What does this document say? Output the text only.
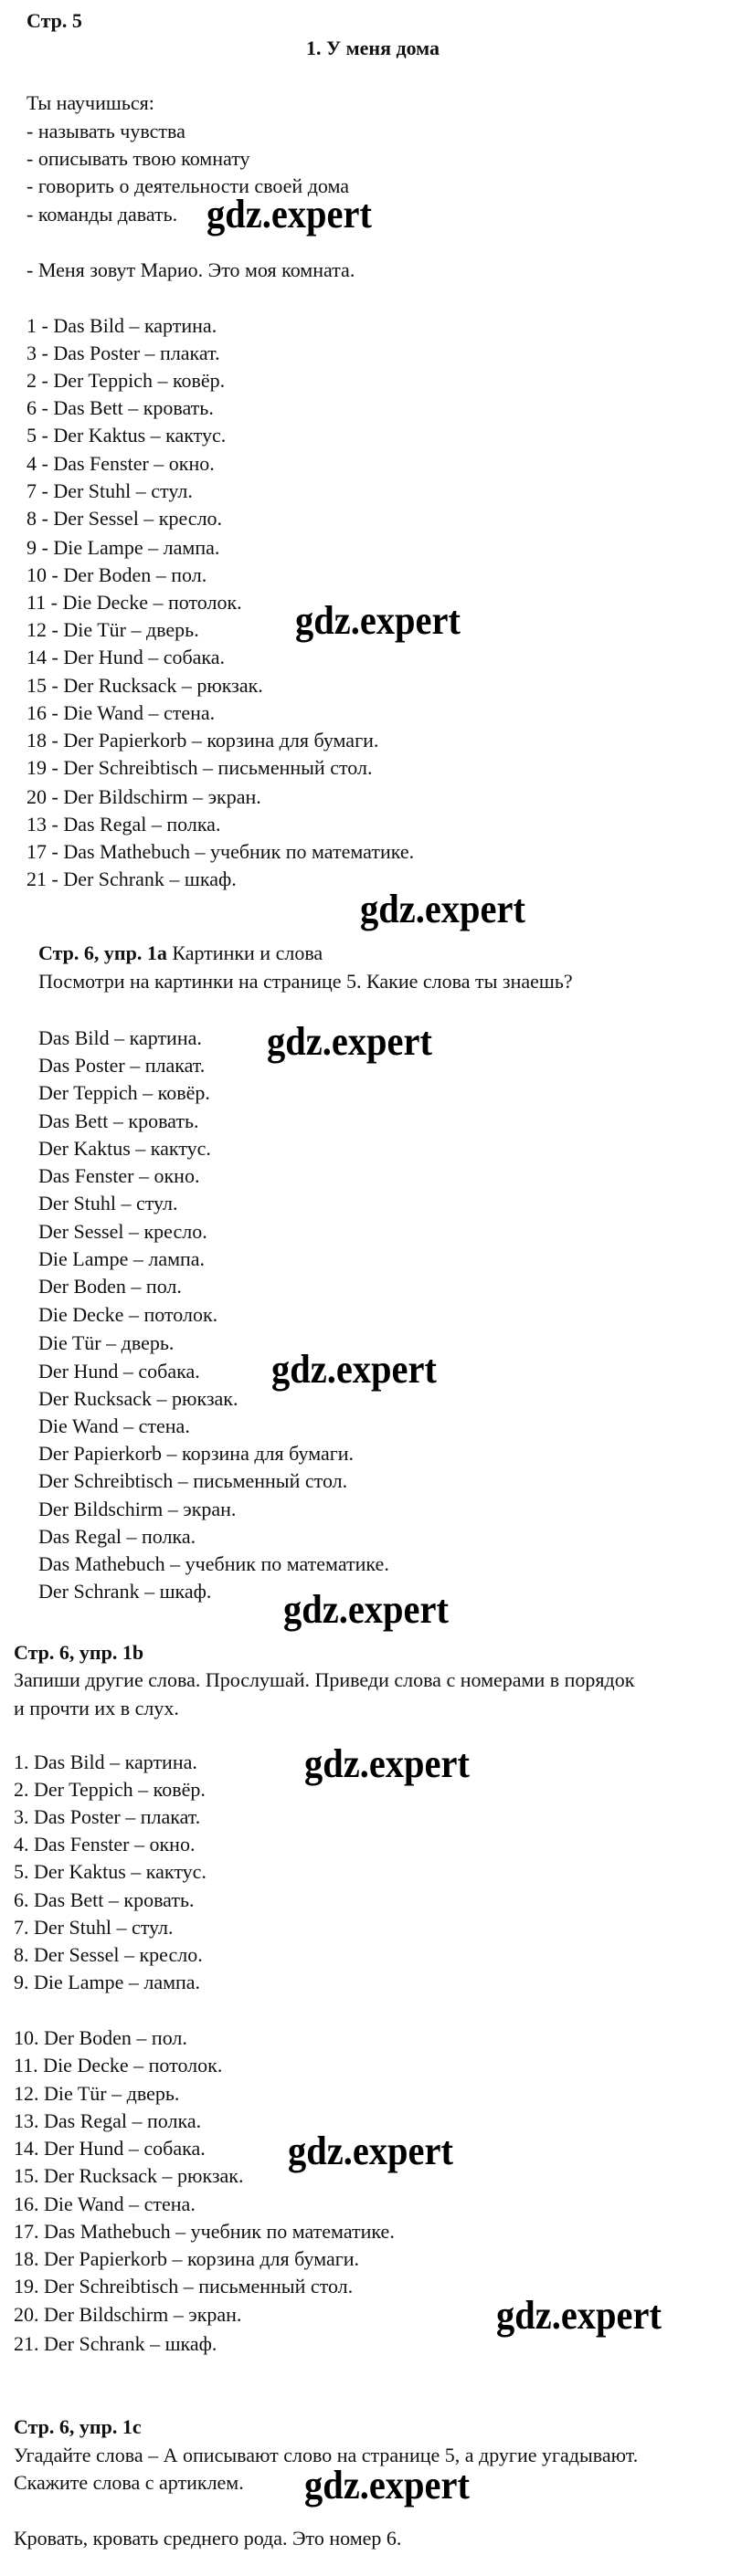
Стр. 5
1. У меня дома
Ты научишься:
- называть чувства
- описывать твою комнату
- говорить о деятельности своей дома
- команды давать. gdz.expert
- Меня зовут Марио. Это моя комната.
1 - Das Bild – картина.
3 - Das Poster – плакат.
2 - Der Teppich – ковёр.
6 - Das Bett – кровать.
5 - Der Kaktus – кактус.
4 - Das Fenster – окно.
7 - Der Stuhl – стул.
8 - Der Sessel – кресло.
9 - Die Lampe – лампа.
10 - Der Boden – пол.
11 - Die Decke – потолок.
12 - Die Tür – дверь. gdz.expert
14 - Der Hund – собака.
15 - Der Rucksack – рюкзак.
16 - Die Wand – стена.
18 - Der Papierkorb – корзина для бумаги.
19 - Der Schreibtisch – письменный стол.
20 - Der Bildschirm – экран.
13 - Das Regal – полка.
17 - Das Mathebuch – учебник по математике.
21 - Der Schrank – шкаф.
gdz.expert
Стр. 6, упр. 1a Картинки и слова
Посмотри на картинки на странице 5. Какие слова ты знаешь?
Das Bild – картина. gdz.expert
Das Poster – плакат.
Der Teppich – ковёр.
Das Bett – кровать.
Der Kaktus – кактус.
Das Fenster – окно.
Der Stuhl – стул.
Der Sessel – кресло.
Die Lampe – лампа.
Der Boden – пол.
Die Decke – потолок.
Die Tür – дверь.
Der Hund – собака. gdz.expert
Der Rucksack – рюкзак.
Die Wand – стена.
Der Papierkorb – корзина для бумаги.
Der Schreibtisch – письменный стол.
Der Bildschirm – экран.
Das Regal – полка.
Das Mathebuch – учебник по математике.
Der Schrank – шкаф. gdz.expert
Стр. 6, упр. 1b
Запиши другие слова. Прослушай. Приведи слова с номерами в порядок
и прочти их в слух.
1. Das Bild – картина.	gdz.expert
2. Der Teppich – ковёр.
3. Das Poster – плакат.
4. Das Fenster – окно.
5. Der Kaktus – кактус.
6. Das Bett – кровать.
7. Der Stuhl – стул.
8. Der Sessel – кресло.
9. Die Lampe – лампа.
10. Der Boden – пол.
11. Die Decke – потолок.
12. Die Tür – дверь.
13. Das Regal – полка.
14. Der Hund – собака. gdz.expert
15. Der Rucksack – рюкзак.
16. Die Wand – стена.
17. Das Mathebuch – учебник по математике.
18. Der Papierkorb – корзина для бумаги.
19. Der Schreibtisch – письменный стол.
20. Der Bildschirm – экран.	gdz.expert
21. Der Schrank – шкаф.
Стр. 6, упр. 1c
Угадайте слова – А описывают слово на странице 5, а другие угадывают.
Скажите слова с артиклем. gdz.expert
Кровать, кровать среднего рода. Это номер 6.
